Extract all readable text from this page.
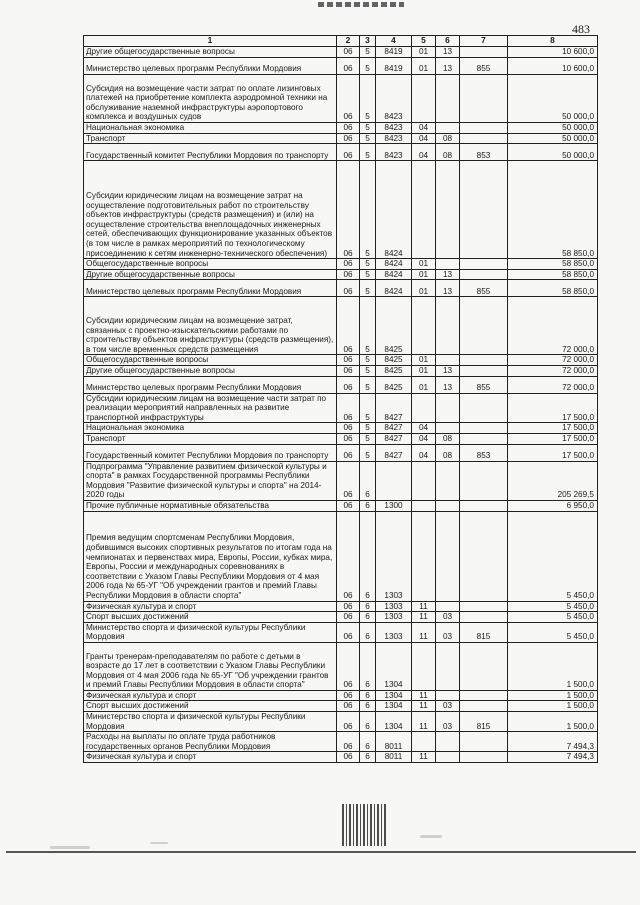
483
1	2	3	4	5	6	7	8
Другие общегосударственные вопросы	06	5	8419	01	13		10 600,0
Министерство целевых программ Республики Мордовия	06	5	8419	01	13	855	10 600,0
Субсидия на возмещение части затрат по оплате лизинговых платежей на приобретение комплекта аэродромной техники на обслуживание наземной инфраструктуры аэропортового комплекса и воздушных судов	06	5	8423				50 000,0
Национальная экономика	06	5	8423	04			50 000,0
Транспорт	06	5	8423	04	08		50 000,0
Государственный комитет Республики Мордовия по транспорту	06	5	8423	04	08	853	50 000,0
Субсидии юридическим лицам на возмещение затрат на осуществление подготовительных работ по строительству объектов инфраструктуры (средств размещения) и (или) на осуществление строительства внеплощадочных инженерных сетей, обеспечивающих функционирование указанных объектов (в том числе в рамках мероприятий по технологическому присоединению к сетям инженерно-технического обеспечения)	06	5	8424				58 850,0
Общегосударственные вопросы	06	5	8424	01			58 850,0
Другие общегосударственные вопросы	06	5	8424	01	13		58 850,0
Министерство целевых программ Республики Мордовия	06	5	8424	01	13	855	58 850,0
Субсидии юридическим лицам на возмещение затрат, связанных с проектно-изыскательскими работами по строительству объектов инфраструктуры (средств размещения), в том числе временных средств размещения	06	5	8425				72 000,0
Общегосударственные вопросы	06	5	8425	01			72 000,0
Другие общегосударственные вопросы	06	5	8425	01	13		72 000,0
Министерство целевых программ Республики Мордовия	06	5	8425	01	13	855	72 000,0
Субсидии юридическим лицам на возмещение части затрат по реализации мероприятий направленных на развитие транспортной инфраструктуры	06	5	8427				17 500,0
Национальная экономика	06	5	8427	04			17 500,0
Транспорт	06	5	8427	04	08		17 500,0
Государственный комитет Республики Мордовия по транспорту	06	5	8427	04	08	853	17 500,0
Подпрограмма "Управление развитием физической культуры и спорта" в рамках Государственной программы Республики Мордовия "Развитие физической культуры и спорта" на 2014-2020 годы	06	6					205 269,5
Прочие публичные нормативные обязательства	06	6	1300				6 950,0
Премия ведущим спортсменам Республики Мордовия, добившимся высоких спортивных результатов по итогам года на чемпионатах и первенствах мира, Европы, России, кубках мира, Европы, России и международных соревнованиях в соответствии с Указом Главы Республики Мордовия от 4 мая 2006 года № 65-УГ "Об учреждении грантов и премий Главы Республики Мордовия в области спорта"	06	6	1303				5 450,0
Физическая культура и спорт	06	6	1303	11			5 450,0
Спорт высших достижений	06	6	1303	11	03		5 450,0
Министерство спорта и физической культуры Республики Мордовия	06	6	1303	11	03	815	5 450,0
Гранты тренерам-преподавателям по работе с детьми в возрасте до 17 лет в соответствии с Указом Главы Республики Мордовия от 4 мая 2006 года № 65-УГ "Об учреждении грантов и премий Главы Республики Мордовия в области спорта"	06	6	1304				1 500,0
Физическая культура и спорт	06	6	1304	11			1 500,0
Спорт высших достижений	06	6	1304	11	03		1 500,0
Министерство спорта и физической культуры Республики Мордовия	06	6	1304	11	03	815	1 500,0
Расходы на выплаты по оплате труда работников государственных органов Республики Мордовия	06	6	8011				7 494,3
Физическая культура и спорт	06	6	8011	11			7 494,3
